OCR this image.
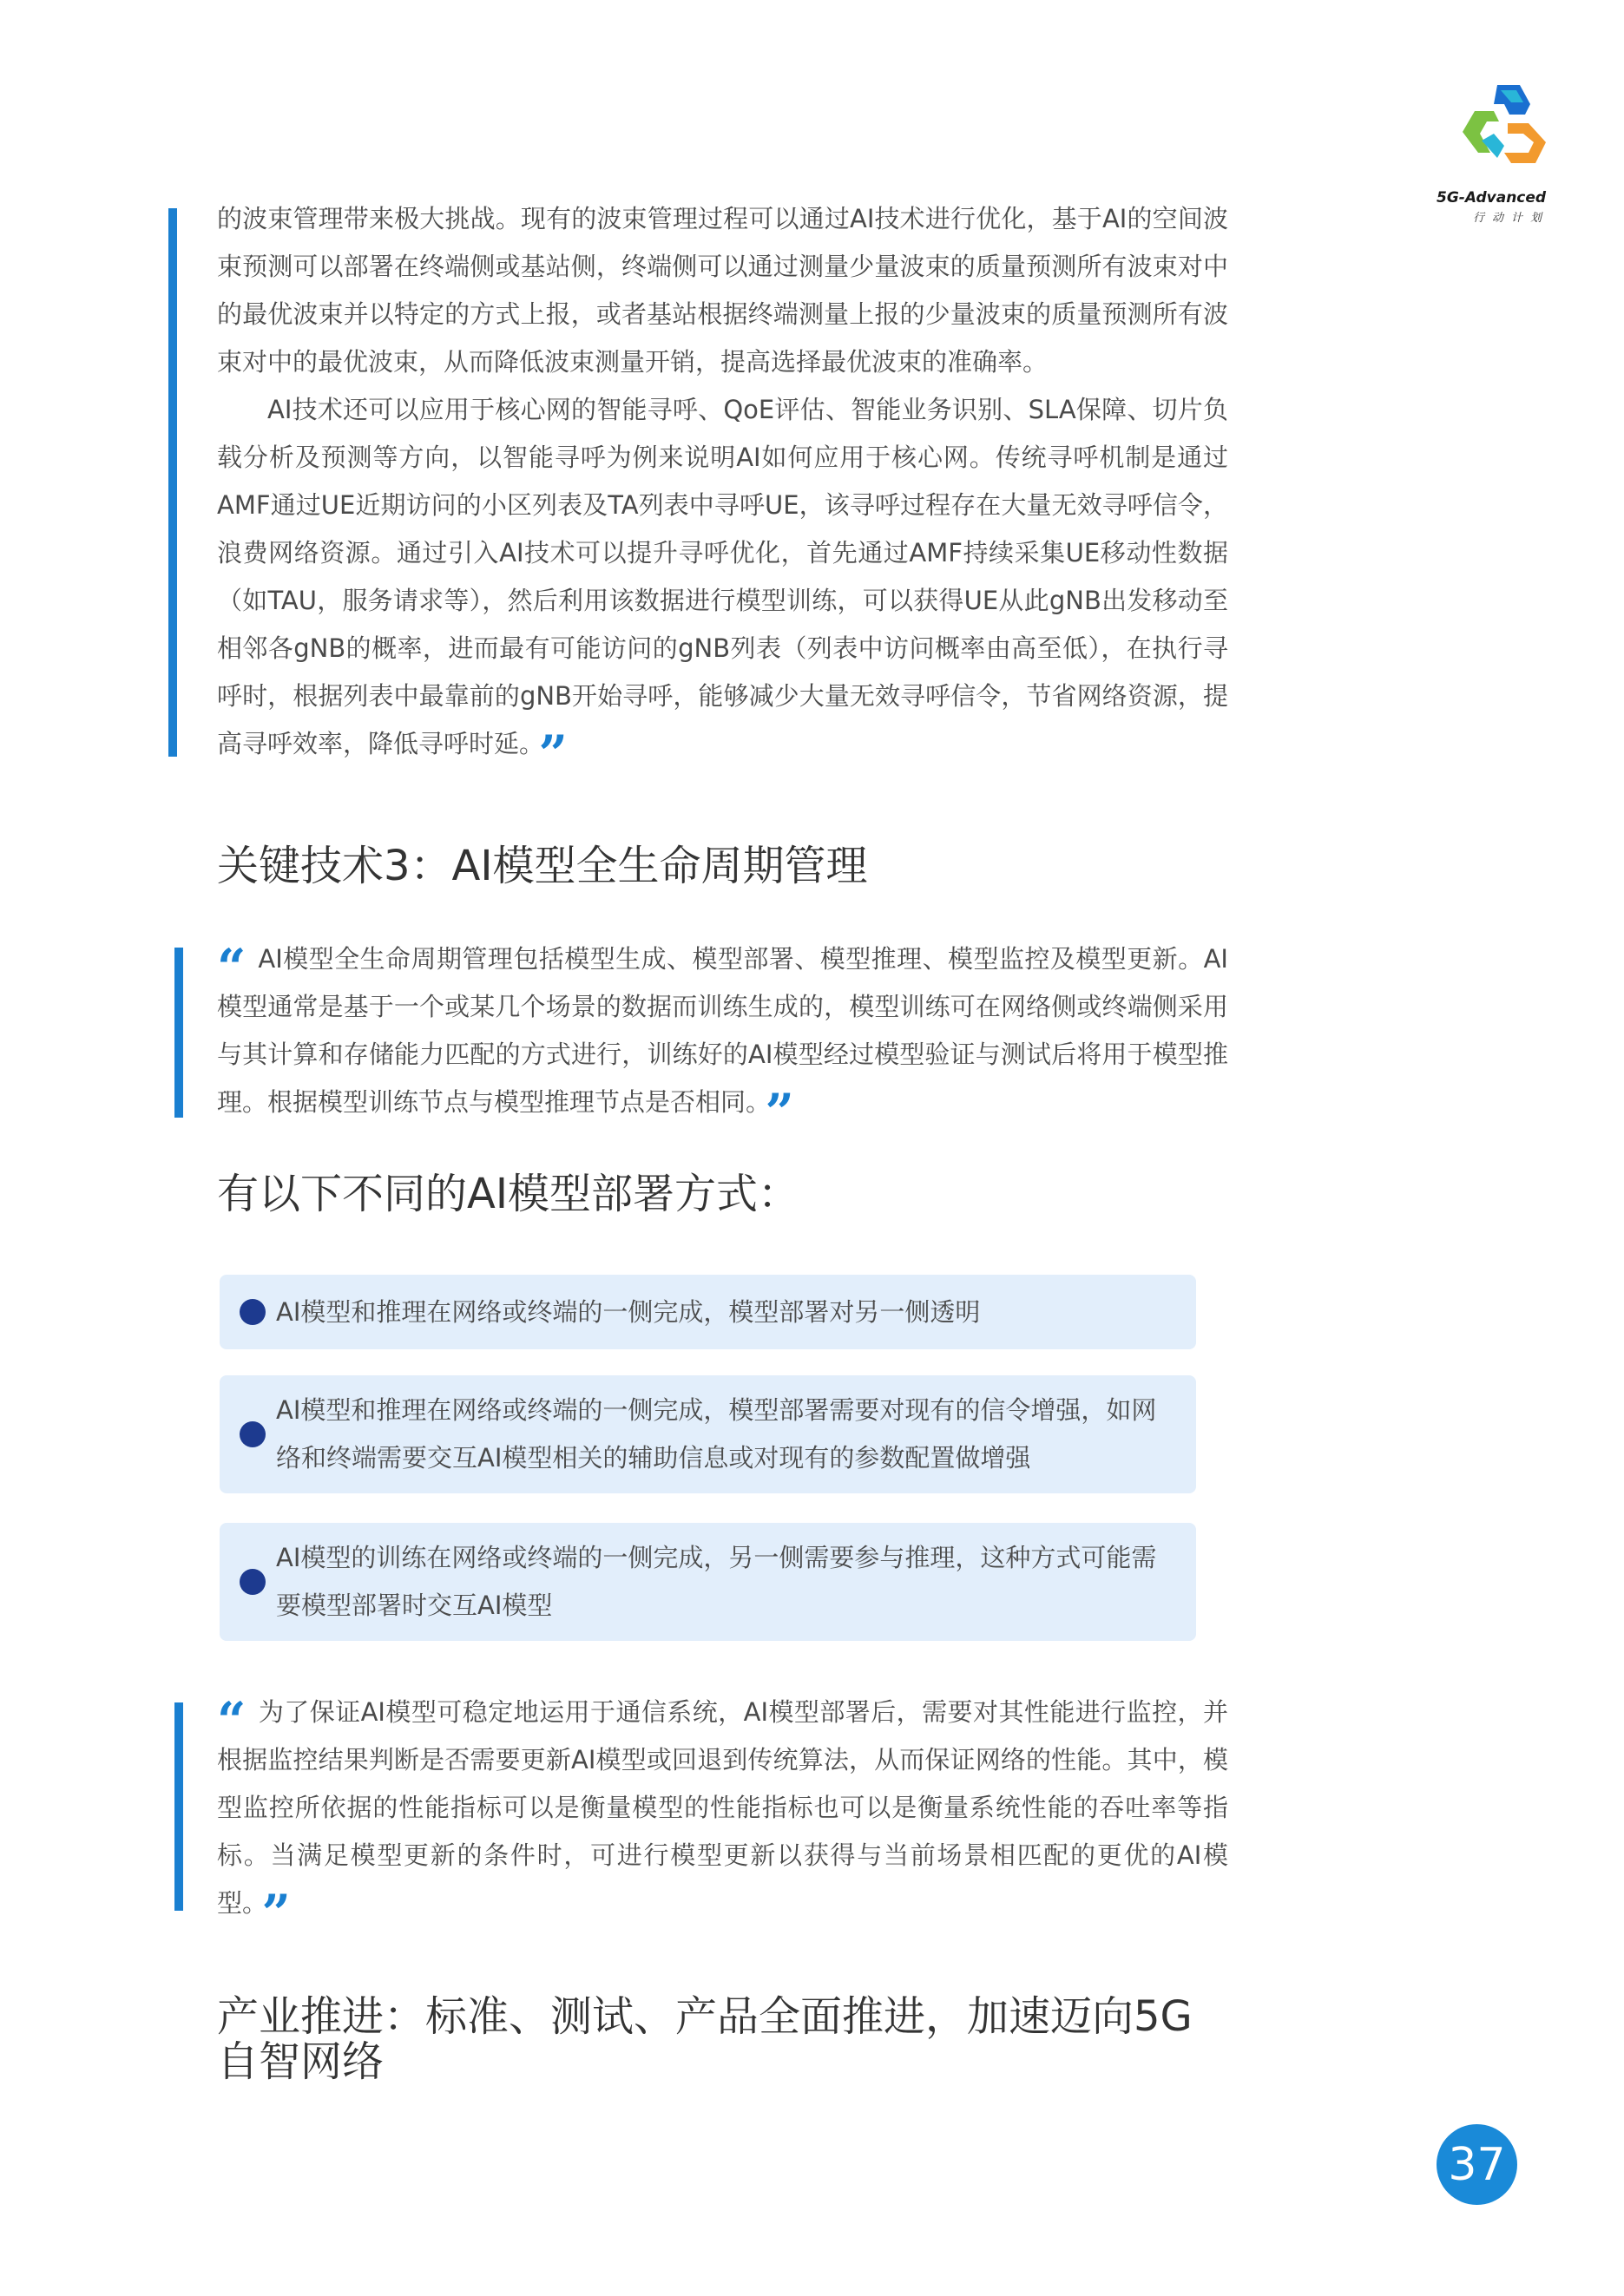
5G-Advanced
行动计划

的波束管理带来极大挑战。现有的波束管理过程可以通过AI技术进行优化，基于AI的空间波束预测可以部署在终端侧或基站侧，终端侧可以通过测量少量波束的质量预测所有波束对中的最优波束并以特定的方式上报，或者基站根据终端测量上报的少量波束的质量预测所有波束对中的最优波束，从而降低波束测量开销，提高选择最优波束的准确率。

AI技术还可以应用于核心网的智能寻呼、QoE评估、智能业务识别、SLA保障、切片负载分析及预测等方向，以智能寻呼为例来说明AI如何应用于核心网。传统寻呼机制是通过AMF通过UE近期访问的小区列表及TA列表中寻呼UE，该寻呼过程存在大量无效寻呼信令，浪费网络资源。通过引入AI技术可以提升寻呼优化，首先通过AMF持续采集UE移动性数据（如TAU，服务请求等），然后利用该数据进行模型训练，可以获得UE从此gNB出发移动至相邻各gNB的概率，进而最有可能访问的gNB列表（列表中访问概率由高至低），在执行寻呼时，根据列表中最靠前的gNB开始寻呼，能够减少大量无效寻呼信令，节省网络资源，提高寻呼效率，降低寻呼时延。 ”

关键技术3：AI模型全生命周期管理

“ AI模型全生命周期管理包括模型生成、模型部署、模型推理、模型监控及模型更新。AI模型通常是基于一个或某几个场景的数据而训练生成的，模型训练可在网络侧或终端侧采用与其计算和存储能力匹配的方式进行，训练好的AI模型经过模型验证与测试后将用于模型推理。根据模型训练节点与模型推理节点是否相同。 ”

有以下不同的AI模型部署方式：
AI模型和推理在网络或终端的一侧完成，模型部署对另一侧透明
AI模型和推理在网络或终端的一侧完成，模型部署需要对现有的信令增强，如网络和终端需要交互AI模型相关的辅助信息或对现有的参数配置做增强
AI模型的训练在网络或终端的一侧完成，另一侧需要参与推理，这种方式可能需要模型部署时交互AI模型

“ 为了保证AI模型可稳定地运用于通信系统，AI模型部署后，需要对其性能进行监控，并根据监控结果判断是否需要更新AI模型或回退到传统算法，从而保证网络的性能。其中，模型监控所依据的性能指标可以是衡量模型的性能指标也可以是衡量系统性能的吞吐率等指标。当满足模型更新的条件时，可进行模型更新以获得与当前场景相匹配的更优的AI模型。 ”

产业推进：标准、测试、产品全面推进，加速迈向5G自智网络
37
